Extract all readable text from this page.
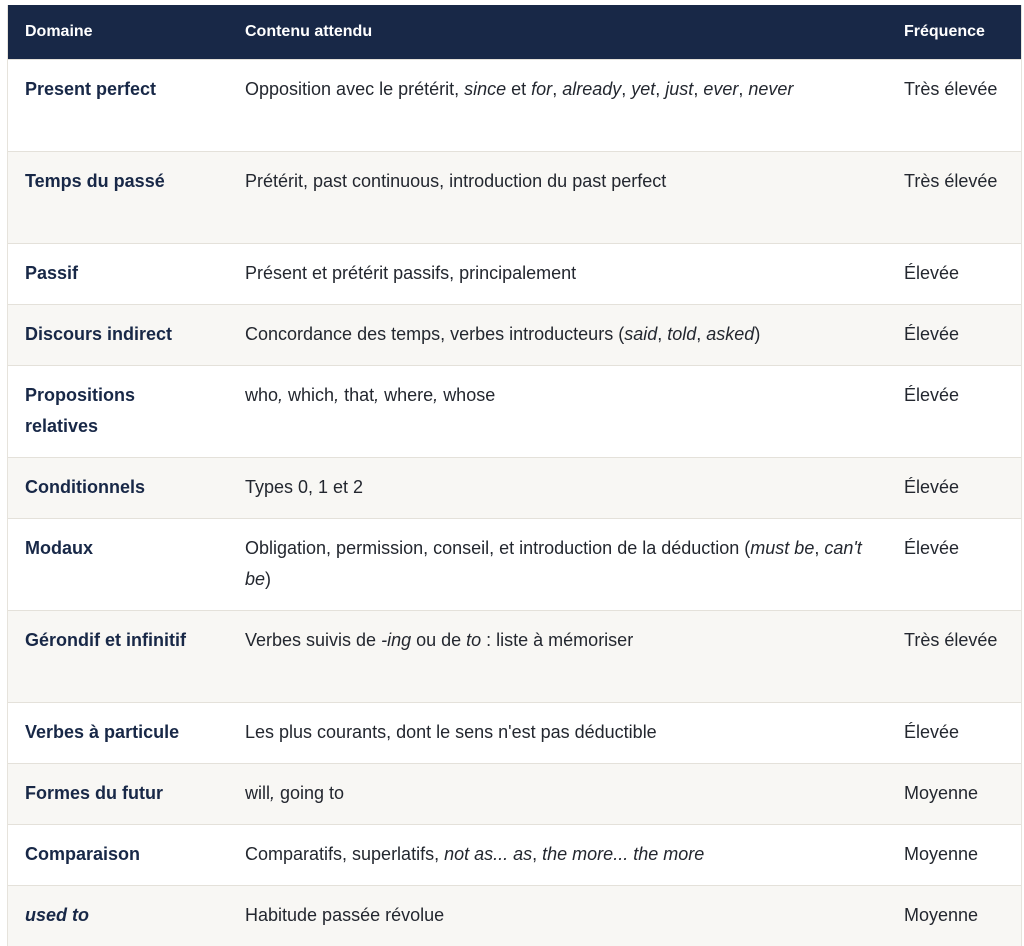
Domaine	Contenu attendu	Fréquence
Present perfect	Opposition avec le prétérit, since et for, already, yet, just, ever, never	Très élevée
Temps du passé	Prétérit, past continuous, introduction du past perfect	Très élevée
Passif	Présent et prétérit passifs, principalement	Élevée
Discours indirect	Concordance des temps, verbes introducteurs (said, told, asked)	Élevée
Propositions relatives	who, which, that, where, whose	Élevée
Conditionnels	Types 0, 1 et 2	Élevée
Modaux	Obligation, permission, conseil, et introduction de la déduction (must be, can't be)	Élevée
Gérondif et infinitif	Verbes suivis de -ing ou de to : liste à mémoriser	Très élevée
Verbes à particule	Les plus courants, dont le sens n'est pas déductible	Élevée
Formes du futur	will, going to	Moyenne
Comparaison	Comparatifs, superlatifs, not as... as, the more... the more	Moyenne
used to	Habitude passée révolue	Moyenne
